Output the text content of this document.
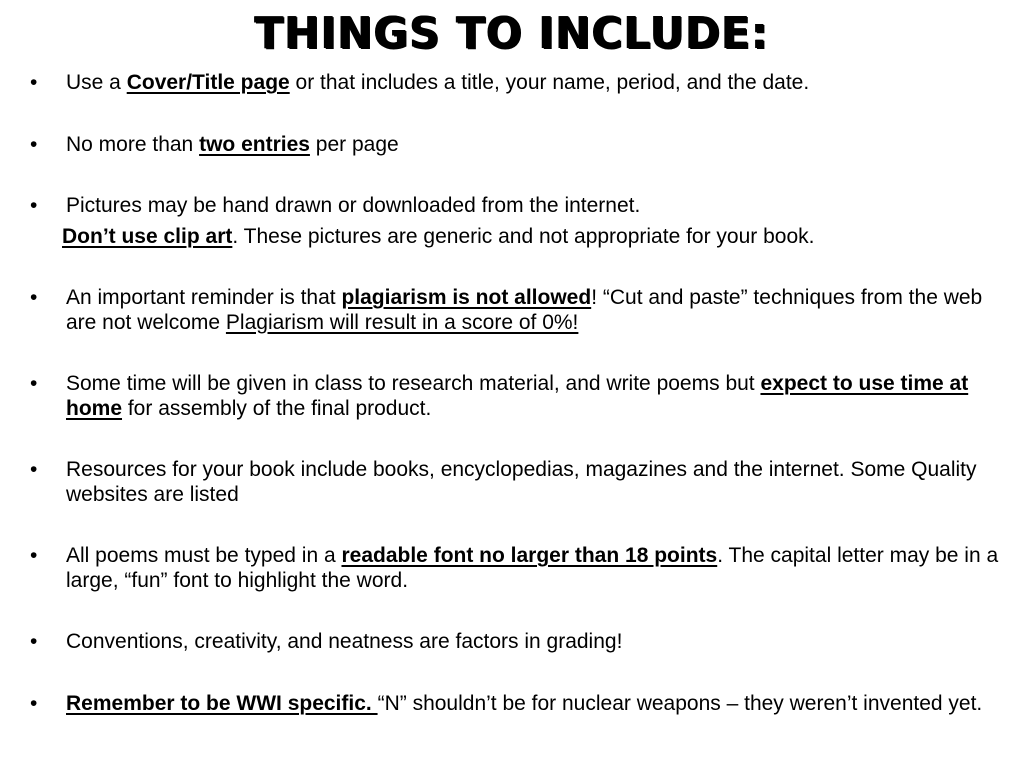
THINGS TO INCLUDE:
• Use a Cover/Title page or that includes a title, your name, period, and the date.
• No more than two entries per page
• Pictures may be hand drawn or downloaded from the internet.
Don’t use clip art. These pictures are generic and not appropriate for your book.
• An important reminder is that plagiarism is not allowed! “Cut and paste” techniques from the web are not welcome Plagiarism will result in a score of 0%!
• Some time will be given in class to research material, and write poems but expect to use time at home for assembly of the final product.
• Resources for your book include books, encyclopedias, magazines and the internet. Some Quality websites are listed
• All poems must be typed in a readable font no larger than 18 points. The capital letter may be in a large, “fun” font to highlight the word.
• Conventions, creativity, and neatness are factors in grading!
• Remember to be WWI specific. “N” shouldn’t be for nuclear weapons – they weren’t invented yet.
